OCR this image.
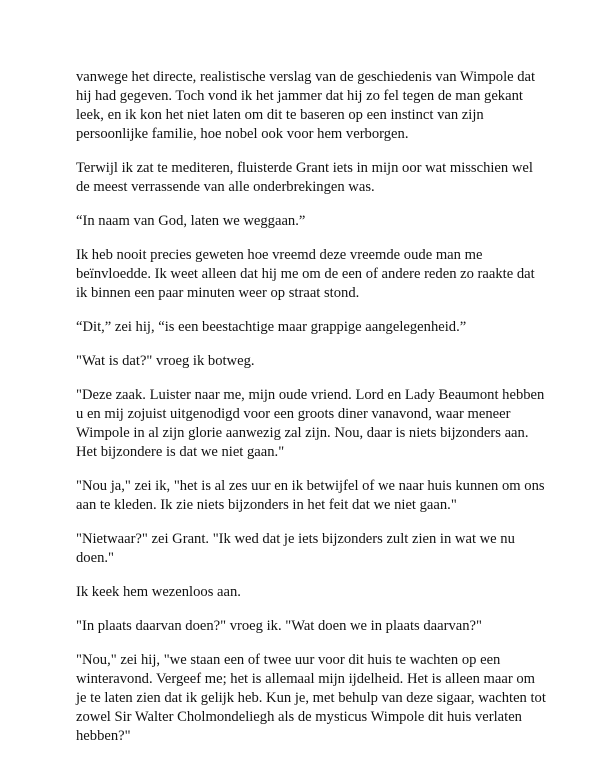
vanwege het directe, realistische verslag van de geschiedenis van Wimpole dat hij had gegeven. Toch vond ik het jammer dat hij zo fel tegen de man gekant leek, en ik kon het niet laten om dit te baseren op een instinct van zijn persoonlijke familie, hoe nobel ook voor hem verborgen.

Terwijl ik zat te mediteren, fluisterde Grant iets in mijn oor wat misschien wel de meest verrassende van alle onderbrekingen was.

“In naam van God, laten we weggaan.”

Ik heb nooit precies geweten hoe vreemd deze vreemde oude man me beïnvloedde. Ik weet alleen dat hij me om de een of andere reden zo raakte dat ik binnen een paar minuten weer op straat stond.

“Dit,” zei hij, “is een beestachtige maar grappige aangelegenheid.”

"Wat is dat?" vroeg ik botweg.

"Deze zaak. Luister naar me, mijn oude vriend. Lord en Lady Beaumont hebben u en mij zojuist uitgenodigd voor een groots diner vanavond, waar meneer Wimpole in al zijn glorie aanwezig zal zijn. Nou, daar is niets bijzonders aan. Het bijzondere is dat we niet gaan."

"Nou ja," zei ik, "het is al zes uur en ik betwijfel of we naar huis kunnen om ons aan te kleden. Ik zie niets bijzonders in het feit dat we niet gaan."

"Nietwaar?" zei Grant. "Ik wed dat je iets bijzonders zult zien in wat we nu doen."

Ik keek hem wezenloos aan.

"In plaats daarvan doen?" vroeg ik. "Wat doen we in plaats daarvan?"

"Nou," zei hij, "we staan een of twee uur voor dit huis te wachten op een winteravond. Vergeef me; het is allemaal mijn ijdelheid. Het is alleen maar om je te laten zien dat ik gelijk heb. Kun je, met behulp van deze sigaar, wachten tot zowel Sir Walter Cholmondeliegh als de mysticus Wimpole dit huis verlaten hebben?"
